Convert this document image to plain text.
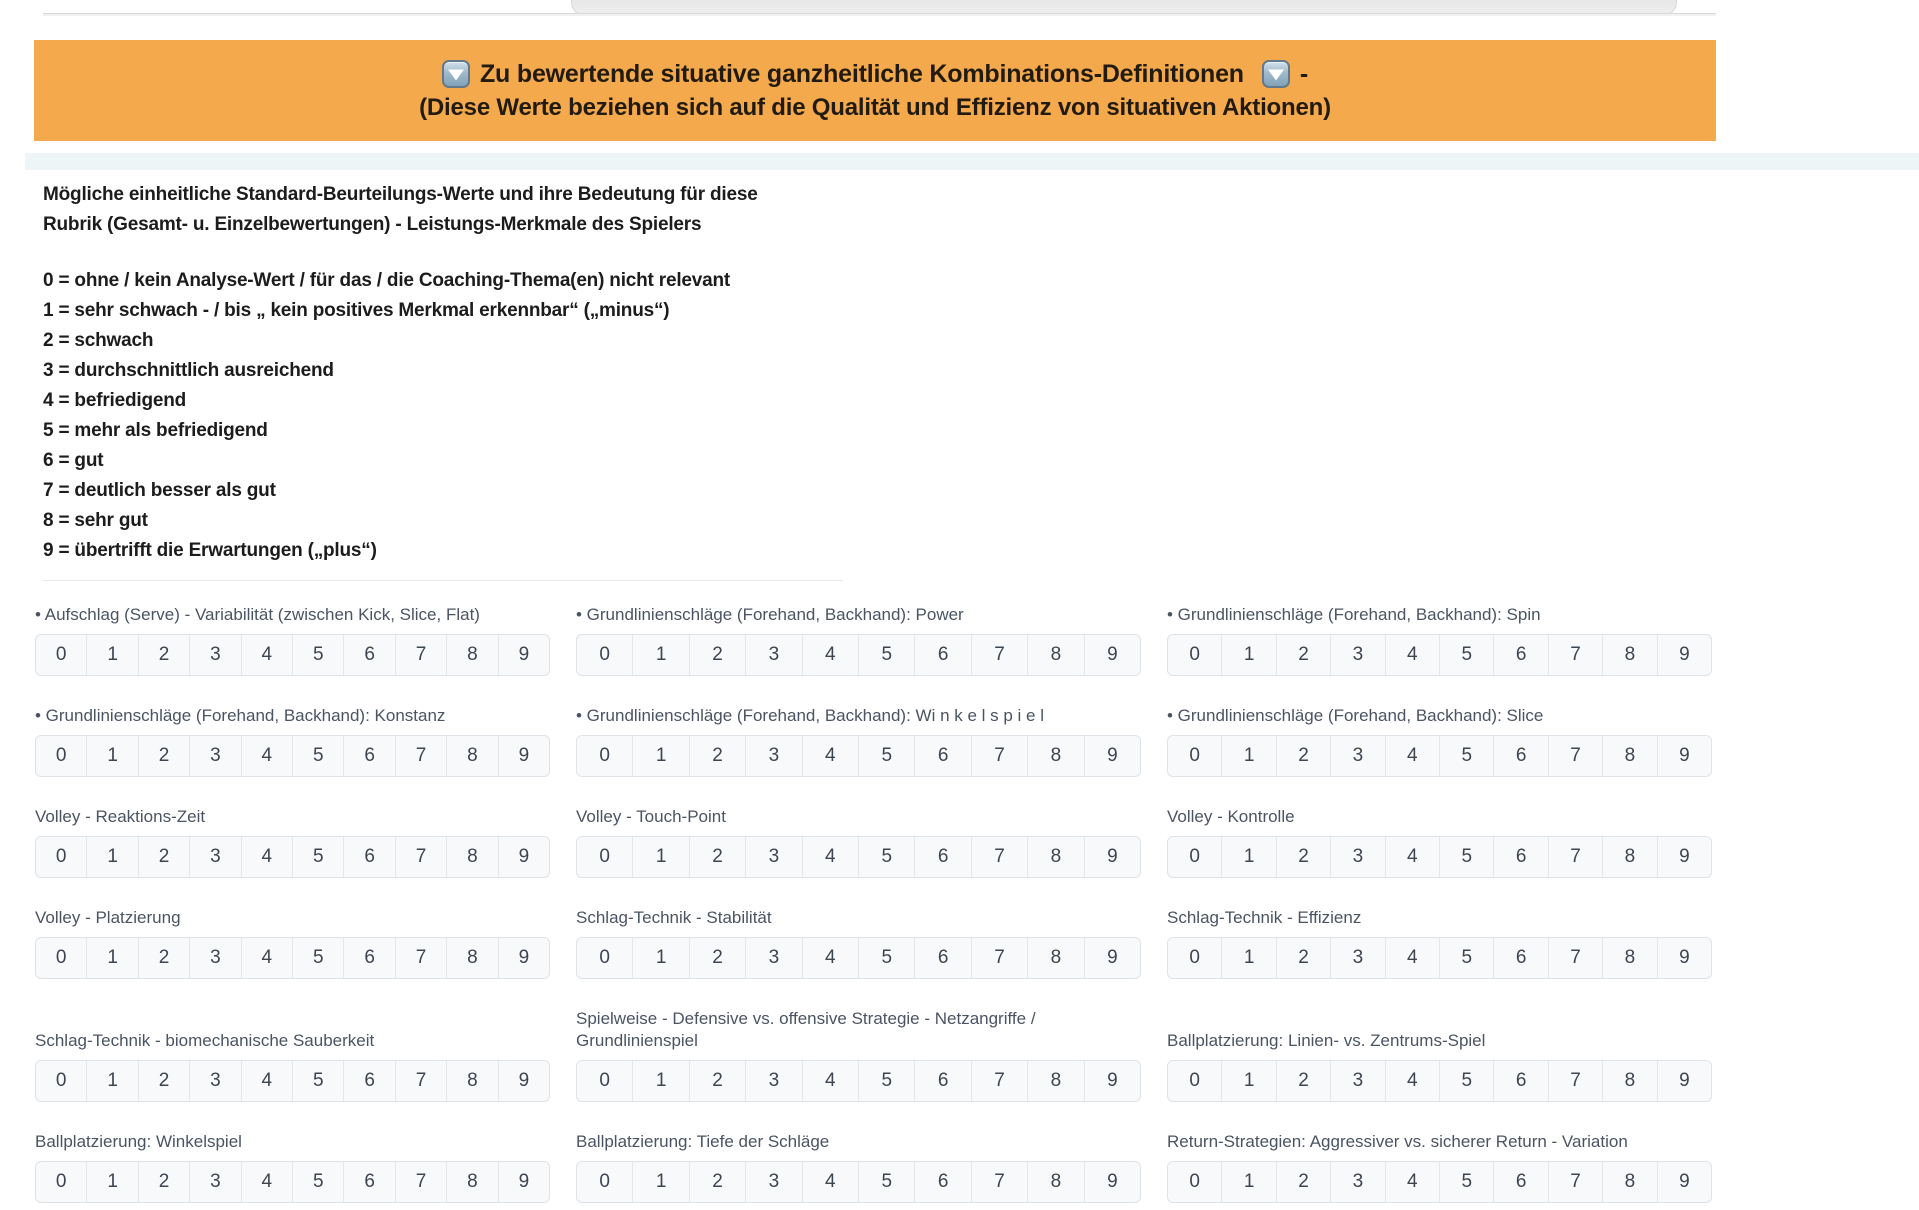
Zu bewertende situative ganzheitliche Kombinations-Definitionen -
(Diese Werte beziehen sich auf die Qualität und Effizienz von situativen Aktionen)
Mögliche einheitliche Standard-Beurteilungs-Werte und ihre Bedeutung für diese
Rubrik (Gesamt- u. Einzelbewertungen) - Leistungs-Merkmale des Spielers
0 = ohne / kein Analyse-Wert / für das / die Coaching-Thema(en) nicht relevant
1 = sehr schwach - / bis „ kein positives Merkmal erkennbar“ („minus“)
2 = schwach
3 = durchschnittlich ausreichend
4 = befriedigend
5 = mehr als befriedigend
6 = gut
7 = deutlich besser als gut
8 = sehr gut
9 = übertrifft die Erwartungen („plus“)
• Aufschlag (Serve) - Variabilität (zwischen Kick, Slice, Flat)
0	1	2	3	4	5	6	7	8	9
• Grundlinienschläge (Forehand, Backhand): Power
0	1	2	3	4	5	6	7	8	9
• Grundlinienschläge (Forehand, Backhand): Spin
0	1	2	3	4	5	6	7	8	9
• Grundlinienschläge (Forehand, Backhand): Konstanz
0	1	2	3	4	5	6	7	8	9
• Grundlinienschläge (Forehand, Backhand): Wi n k e l s p i e l
0	1	2	3	4	5	6	7	8	9
• Grundlinienschläge (Forehand, Backhand): Slice
0	1	2	3	4	5	6	7	8	9
Volley - Reaktions-Zeit
0	1	2	3	4	5	6	7	8	9
Volley - Touch-Point
0	1	2	3	4	5	6	7	8	9
Volley - Kontrolle
0	1	2	3	4	5	6	7	8	9
Volley - Platzierung
0	1	2	3	4	5	6	7	8	9
Schlag-Technik - Stabilität
0	1	2	3	4	5	6	7	8	9
Schlag-Technik - Effizienz
0	1	2	3	4	5	6	7	8	9
Schlag-Technik - biomechanische Sauberkeit
0	1	2	3	4	5	6	7	8	9
Spielweise - Defensive vs. offensive Strategie - Netzangriffe / Grundlinienspiel
0	1	2	3	4	5	6	7	8	9
Ballplatzierung: Linien- vs. Zentrums-Spiel
0	1	2	3	4	5	6	7	8	9
Ballplatzierung: Winkelspiel
0	1	2	3	4	5	6	7	8	9
Ballplatzierung: Tiefe der Schläge
0	1	2	3	4	5	6	7	8	9
Return-Strategien: Aggressiver vs. sicherer Return - Variation
0	1	2	3	4	5	6	7	8	9
